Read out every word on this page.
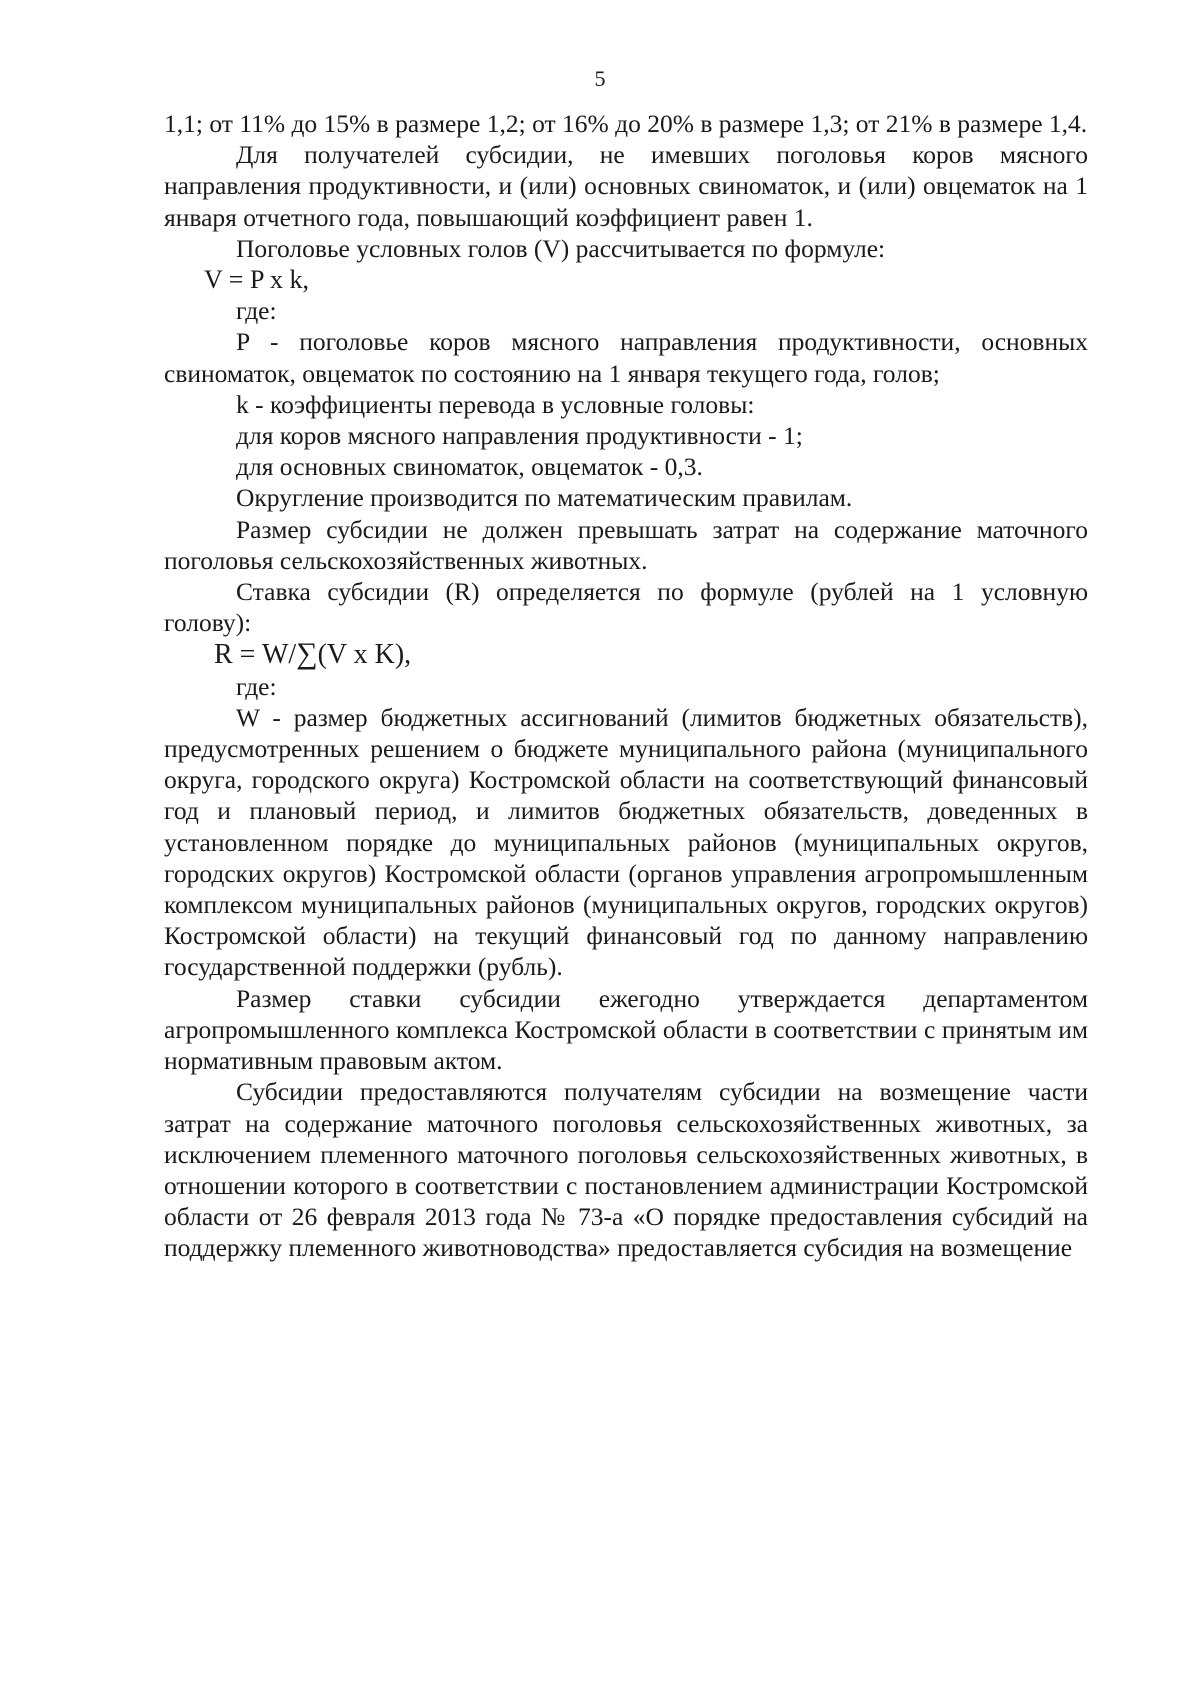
5

1,1; от 11% до 15% в размере 1,2; от 16% до 20% в размере 1,3; от 21% в размере 1,4.

Для получателей субсидии, не имевших поголовья коров мясного направления продуктивности, и (или) основных свиноматок, и (или) овцематок на 1 января отчетного года, повышающий коэффициент равен 1.

Поголовье условных голов (V) рассчитывается по формуле:

V = P x k,

где:

P - поголовье коров мясного направления продуктивности, основных свиноматок, овцематок по состоянию на 1 января текущего года, голов;

k - коэффициенты перевода в условные головы:

для коров мясного направления продуктивности - 1;

для основных свиноматок, овцематок - 0,3.

Округление производится по математическим правилам.

Размер субсидии не должен превышать затрат на содержание маточного поголовья сельскохозяйственных животных.

Ставка субсидии (R) определяется по формуле (рублей на 1 условную голову):

R = W/∑(V x K),

где:

W - размер бюджетных ассигнований (лимитов бюджетных обязательств), предусмотренных решением о бюджете муниципального района (муниципального округа, городского округа) Костромской области на соответствующий финансовый год и плановый период, и лимитов бюджетных обязательств, доведенных в установленном порядке до муниципальных районов (муниципальных округов, городских округов) Костромской области (органов управления агропромышленным комплексом муниципальных районов (муниципальных округов, городских округов) Костромской области) на текущий финансовый год по данному направлению государственной поддержки (рубль).

Размер ставки субсидии ежегодно утверждается департаментом агропромышленного комплекса Костромской области в соответствии с принятым им нормативным правовым актом.

Субсидии предоставляются получателям субсидии на возмещение части затрат на содержание маточного поголовья сельскохозяйственных животных, за исключением племенного маточного поголовья сельскохозяйственных животных, в отношении которого в соответствии с постановлением администрации Костромской области от 26 февраля 2013 года № 73-а «О порядке предоставления субсидий на поддержку племенного животноводства» предоставляется субсидия на возмещение
